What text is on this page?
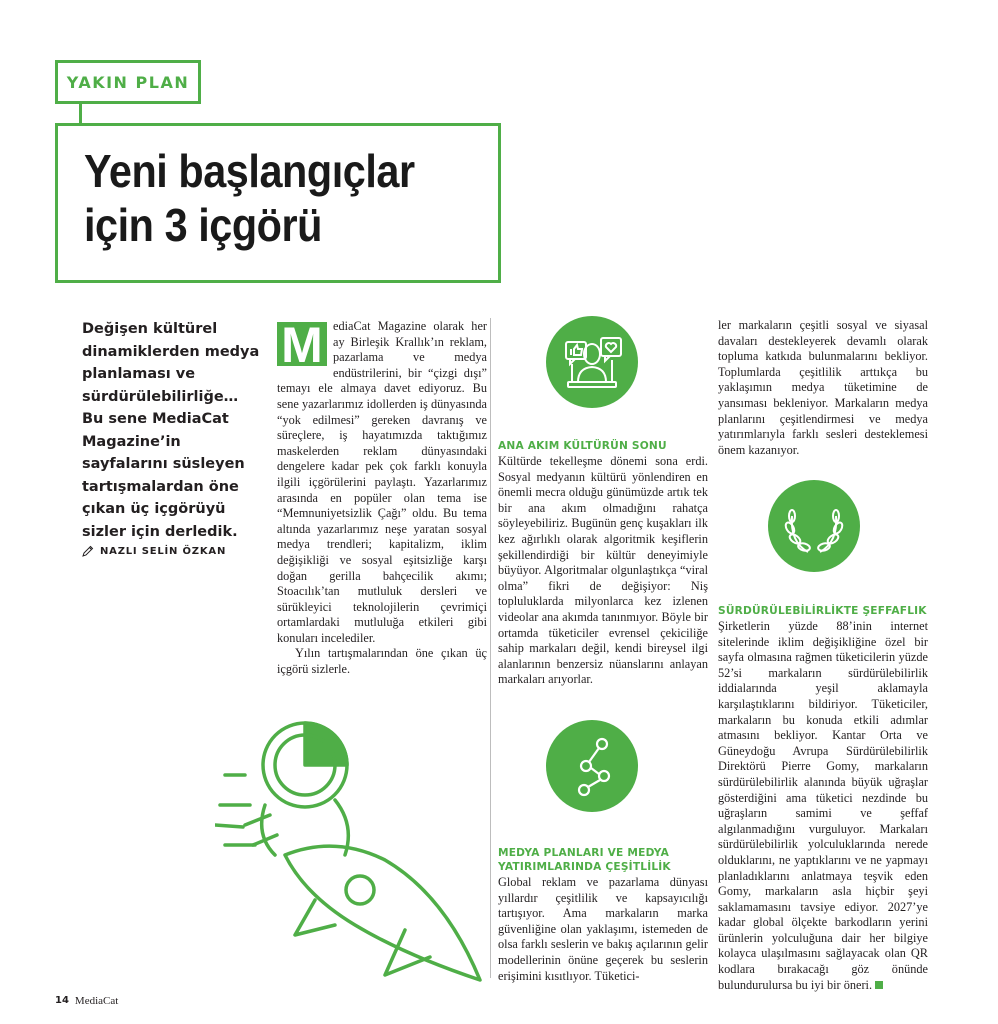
YAKIN PLAN
Yeni başlangıçlar
için 3 içgörü

Değişen kültürel dinamiklerden medya planlaması ve sürdürülebilirliğe… Bu sene MediaCat Magazine’in sayfalarını süsleyen tartışmalardan öne çıkan üç içgörüyü sizler için derledik.

NAZLI SELİN ÖZKAN
M ediaCat Magazine olarak her ay Birleşik Krallık’ın reklam, pazarlama ve medya endüstrilerini, bir “çizgi dışı” temayı ele almaya davet ediyoruz. Bu sene yazarlarımız idollerden iş dünyasında “yok edilmesi” gereken davranış ve süreçlere, iş hayatımızda taktığımız maskelerden reklam dünyasındaki dengelere kadar pek çok farklı konuyla ilgili içgörülerini paylaştı. Yazarlarımız arasında en popüler olan tema ise “Memnuniyetsizlik Çağı” oldu. Bu tema altında yazarlarımız neşe yaratan sosyal medya trendleri; kapitalizm, iklim değişikliği ve sosyal eşitsizliğe karşı doğan gerilla bahçecilik akımı; Stoacılık’tan mutluluk dersleri ve sürükleyici teknolojilerin çevrimiçi ortamlardaki mutluluğa etkileri gibi konuları incelediler.

Yılın tartışmalarından öne çıkan üç içgörü sizlerle.

ANA AKIM KÜLTÜRÜN SONU

Kültürde tekelleşme dönemi sona erdi. Sosyal medyanın kültürü yönlendiren en önemli mecra olduğu günümüzde artık tek bir ana akım olmadığını rahatça söyleyebiliriz. Bugünün genç kuşakları ilk kez ağırlıklı olarak algoritmik keşiflerin şekillendirdiği bir kültür deneyimiyle büyüyor. Algoritmalar olgunlaştıkça “viral olma” fikri de değişiyor: Niş topluluklarda milyonlarca kez izlenen videolar ana akımda tanınmıyor. Böyle bir ortamda tüketiciler evrensel çekiciliğe sahip markaları değil, kendi bireysel ilgi alanlarının benzersiz nüanslarını anlayan markaları arıyorlar.

MEDYA PLANLARI VE MEDYA YATIRIMLARINDA ÇEŞİTLİLİK

Global reklam ve pazarlama dünyası yıllardır çeşitlilik ve kapsayıcılığı tartışıyor. Ama markaların marka güvenliğine olan yaklaşımı, istemeden de olsa farklı seslerin ve bakış açılarının gelir modellerinin önüne geçerek bu seslerin erişimini kısıtlıyor. Tüketici-

ler markaların çeşitli sosyal ve siyasal davaları destekleyerek devamlı olarak topluma katkıda bulunmalarını bekliyor. Toplumlarda çeşitlilik arttıkça bu yaklaşımın medya tüketimine de yansıması bekleniyor. Markaların medya planlarını çeşitlendirmesi ve medya yatırımlarıyla farklı sesleri desteklemesi önem kazanıyor.

SÜRDÜRÜLEBİLİRLİKTE ŞEFFAFLIK

Şirketlerin yüzde 88’inin internet sitelerinde iklim değişikliğine özel bir sayfa olmasına rağmen tüketicilerin yüzde 52’si markaların sürdürülebilirlik iddialarında yeşil aklamayla karşılaştıklarını bildiriyor. Tüketiciler, markaların bu konuda etkili adımlar atmasını bekliyor. Kantar Orta ve Güneydoğu Avrupa Sürdürülebilirlik Direktörü Pierre Gomy, markaların sürdürülebilirlik alanında büyük uğraşlar gösterdiğini ama tüketici nezdinde bu uğraşların samimi ve şeffaf algılanmadığını vurguluyor. Markaları sürdürülebilirlik yolculuklarında nerede olduklarını, ne yaptıklarını ve ne yapmayı planladıklarını anlatmaya teşvik eden Gomy, markaların asla hiçbir şeyi saklamamasını tavsiye ediyor. 2027’ye kadar global ölçekte barkodların yerini ürünlerin yolculuğuna dair her bilgiye kolayca ulaşılmasını sağlayacak olan QR kodlara bırakacağı göz önünde bulundurulursa bu iyi bir öneri.

14 MediaCat
